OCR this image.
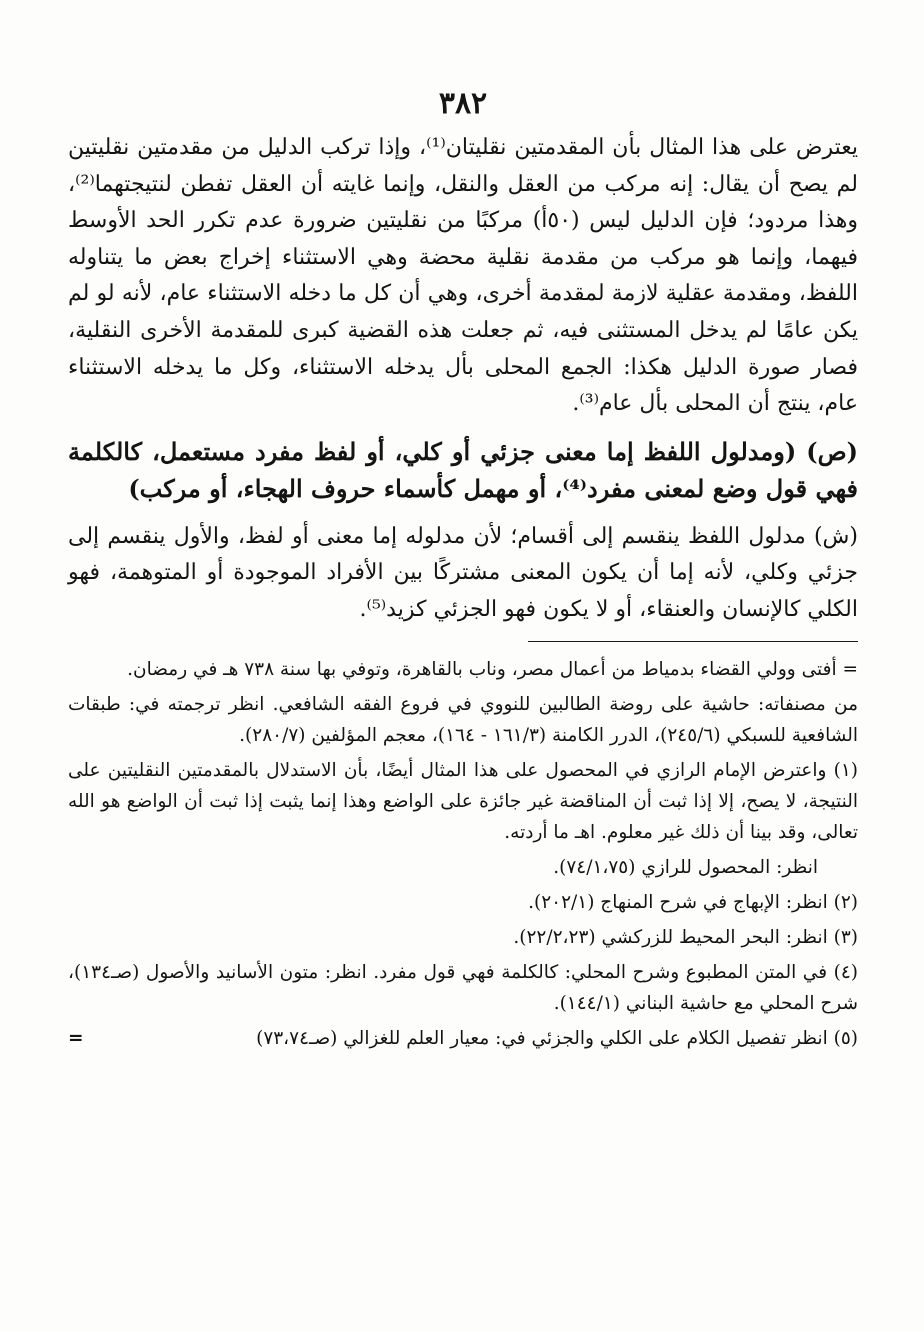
٣٨٢

يعترض على هذا المثال بأن المقدمتين نقليتان⁽¹⁾، وإذا تركب الدليل من مقدمتين نقليتين لم يصح أن يقال: إنه مركب من العقل والنقل، وإنما غايته أن العقل تفطن لنتيجتهما⁽²⁾، وهذا مردود؛ فإن الدليل ليس (٥٠أ) مركبًا من نقليتين ضرورة عدم تكرر الحد الأوسط فيهما، وإنما هو مركب من مقدمة نقلية محضة وهي الاستثناء إخراج بعض ما يتناوله اللفظ، ومقدمة عقلية لازمة لمقدمة أخرى، وهي أن كل ما دخله الاستثناء عام، لأنه لو لم يكن عامًا لم يدخل المستثنى فيه، ثم جعلت هذه القضية كبرى للمقدمة الأخرى النقلية، فصار صورة الدليل هكذا: الجمع المحلى بأل يدخله الاستثناء، وكل ما يدخله الاستثناء عام، ينتج أن المحلى بأل عام⁽³⁾.

(ص) (ومدلول اللفظ إما معنى جزئي أو كلي، أو لفظ مفرد مستعمل، كالكلمة فهي قول وضع لمعنى مفرد⁽⁴⁾، أو مهمل كأسماء حروف الهجاء، أو مركب)

(ش) مدلول اللفظ ينقسم إلى أقسام؛ لأن مدلوله إما معنى أو لفظ، والأول ينقسم إلى جزئي وكلي، لأنه إما أن يكون المعنى مشتركًا بين الأفراد الموجودة أو المتوهمة، فهو الكلي كالإنسان والعنقاء، أو لا يكون فهو الجزئي كزيد⁽⁵⁾.

= أفتى وولي القضاء بدمياط من أعمال مصر، وناب بالقاهرة، وتوفي بها سنة ٧٣٨ هـ في رمضان.

من مصنفاته: حاشية على روضة الطالبين للنووي في فروع الفقه الشافعي. انظر ترجمته في: طبقات الشافعية للسبكي (٢٤٥/٦)، الدرر الكامنة (١٦١/٣ - ١٦٤)، معجم المؤلفين (٢٨٠/٧).

(١) واعترض الإمام الرازي في المحصول على هذا المثال أيضًا، بأن الاستدلال بالمقدمتين النقليتين على النتيجة، لا يصح، إلا إذا ثبت أن المناقضة غير جائزة على الواضع وهذا إنما يثبت إذا ثبت أن الواضع هو الله تعالى، وقد بينا أن ذلك غير معلوم. اهـ ما أردته.

انظر: المحصول للرازي (٧٤/١،٧٥).

(٢) انظر: الإبهاج في شرح المنهاج (٢٠٢/١).

(٣) انظر: البحر المحيط للزركشي (٢٢/٢،٢٣).

(٤) في المتن المطبوع وشرح المحلي: كالكلمة فهي قول مفرد. انظر: متون الأسانيد والأصول (صـ١٣٤)، شرح المحلي مع حاشية البناني (١٤٤/١).

=	(٥) انظر تفصيل الكلام على الكلي والجزئي في: معيار العلم للغزالي (صـ٧٣،٧٤)
